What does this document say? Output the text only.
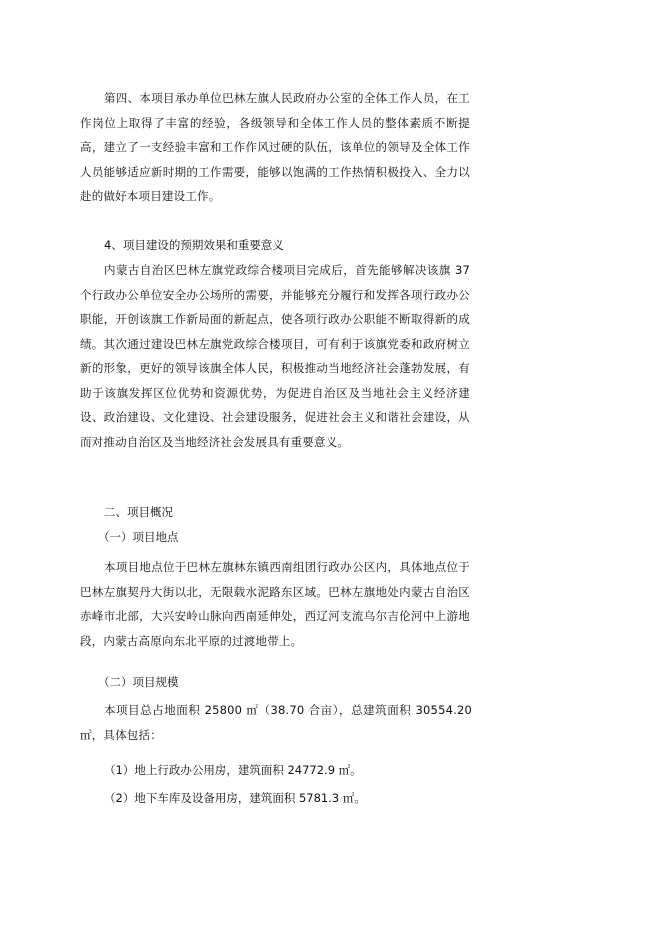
第四、本项目承办单位巴林左旗人民政府办公室的全体工作人员，在工作岗位上取得了丰富的经验，各级领导和全体工作人员的整体素质不断提高，建立了一支经验丰富和工作作风过硬的队伍，该单位的领导及全体工作人员能够适应新时期的工作需要，能够以饱满的工作热情积极投入、全力以赴的做好本项目建设工作。

4、项目建设的预期效果和重要意义

内蒙古自治区巴林左旗党政综合楼项目完成后，首先能够解决该旗 37 个行政办公单位安全办公场所的需要，并能够充分履行和发挥各项行政办公职能，开创该旗工作新局面的新起点，使各项行政办公职能不断取得新的成绩。其次通过建设巴林左旗党政综合楼项目，可有利于该旗党委和政府树立新的形象，更好的领导该旗全体人民，积极推动当地经济社会蓬勃发展，有助于该旗发挥区位优势和资源优势，为促进自治区及当地社会主义经济建设、政治建设、文化建设、社会建设服务，促进社会主义和谐社会建设，从而对推动自治区及当地经济社会发展具有重要意义。

二、项目概况

（一）项目地点

本项目地点位于巴林左旗林东镇西南组团行政办公区内，具体地点位于巴林左旗契丹大街以北，无限载水泥路东区域。巴林左旗地处内蒙古自治区赤峰市北部，大兴安岭山脉向西南延伸处，西辽河支流乌尔吉伦河中上游地段，内蒙古高原向东北平原的过渡地带上。

（二）项目规模

本项目总占地面积 25800 ㎡（38.70 合亩），总建筑面积 30554.20 ㎡，具体包括：

（1）地上行政办公用房，建筑面积 24772.9 ㎡。

（2）地下车库及设备用房，建筑面积 5781.3 ㎡。
